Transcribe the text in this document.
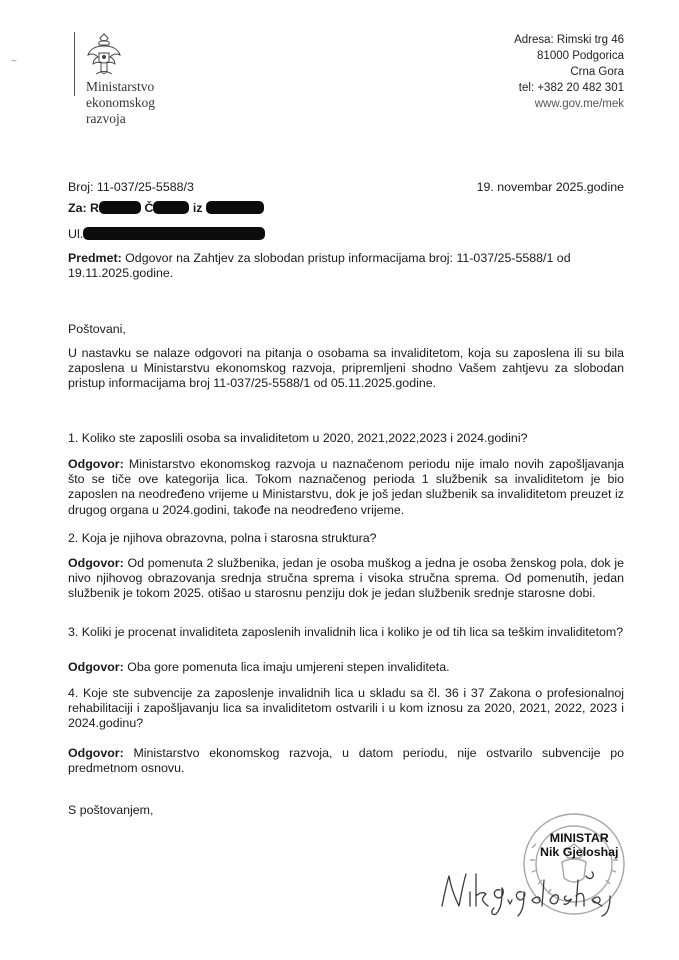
~
Ministarstvo
ekonomskog
razvoja
Adresa: Rimski trg 46
81000 Podgorica
Crna Gora
tel: +382 20 482 301
www.gov.me/mek
Broj: 11-037/25-5588/3	19. novembar 2025.godine
Za: R	Č	iz
Ul.
Predmet: Odgovor na Zahtjev za slobodan pristup informacijama broj: 11-037/25-5588/1 od 19.11.2025.godine.
Poštovani,
U nastavku se nalaze odgovori na pitanja o osobama sa invaliditetom, koja su zaposlena ili su bila zaposlena u Ministarstvu ekonomskog razvoja, pripremljeni shodno Vašem zahtjevu za slobodan pristup informacijama broj 11-037/25-5588/1 od 05.11.2025.godine.
1. Koliko ste zaposlili osoba sa invaliditetom u 2020, 2021,2022,2023 i 2024.godini?
Odgovor: Ministarstvo ekonomskog razvoja u naznačenom periodu nije imalo novih zapošljavanja što se tiče ove kategorija lica. Tokom naznačenog perioda 1 službenik sa invaliditetom je bio zaposlen na neodređeno vrijeme u Ministarstvu, dok je još jedan službenik sa invaliditetom preuzet iz drugog organa u 2024.godini, takođe na neodređeno vrijeme.
2. Koja je njihova obrazovna, polna i starosna struktura?
Odgovor: Od pomenuta 2 službenika, jedan je osoba muškog a jedna je osoba ženskog pola, dok je nivo njihovog obrazovanja srednja stručna sprema i visoka stručna sprema. Od pomenutih, jedan službenik je tokom 2025. otišao u starosnu penziju dok je jedan službenik srednje starosne dobi.
3. Koliki je procenat invaliditeta zaposlenih invalidnih lica i koliko je od tih lica sa teškim invaliditetom?
Odgovor: Oba gore pomenuta lica imaju umjereni stepen invaliditeta.
4. Koje ste subvencije za zaposlenje invalidnih lica u skladu sa čl. 36 i 37 Zakona o profesionalnoj rehabilitaciji i zapošljavanju lica sa invaliditetom ostvarili i u kom iznosu za 2020, 2021, 2022, 2023 i 2024.godinu?
Odgovor: Ministarstvo ekonomskog razvoja, u datom periodu, nije ostvarilo subvencije po predmetnom osnovu.
S poštovanjem,
MINISTAR
Nik Gjeloshaj
